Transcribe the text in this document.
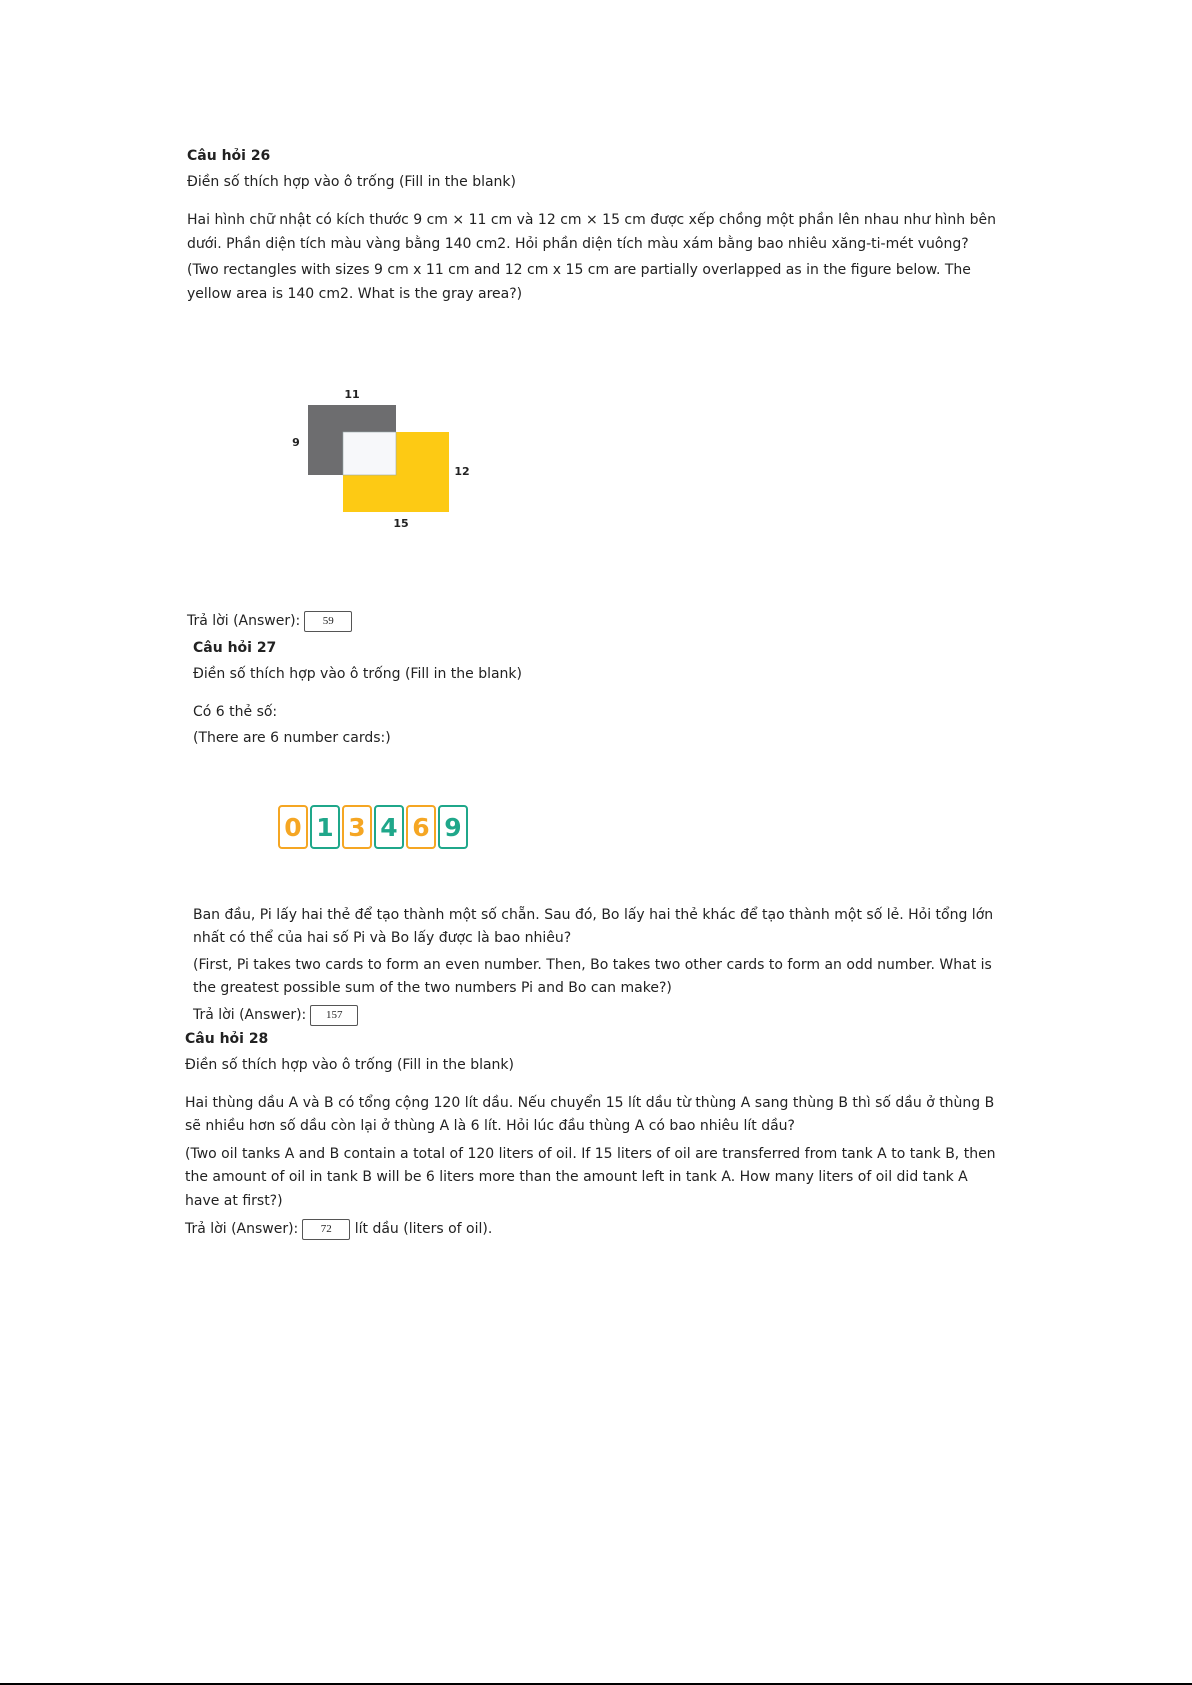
Câu hỏi 26
Điền số thích hợp vào ô trống (Fill in the blank)
Hai hình chữ nhật có kích thước 9 cm × 11 cm và 12 cm × 15 cm được xếp chồng một phần lên nhau như hình bên
dưới. Phần diện tích màu vàng bằng 140 cm2. Hỏi phần diện tích màu xám bằng bao nhiêu xăng-ti-mét vuông?
(Two rectangles with sizes 9 cm x 11 cm and 12 cm x 15 cm are partially overlapped as in the figure below. The
yellow area is 140 cm2. What is the gray area?)
11
9
12
15
Trả lời (Answer): 59
Câu hỏi 27
Điền số thích hợp vào ô trống (Fill in the blank)
Có 6 thẻ số:
(There are 6 number cards:)
0 1 3 4 6 9
Ban đầu, Pi lấy hai thẻ để tạo thành một số chẵn. Sau đó, Bo lấy hai thẻ khác để tạo thành một số lẻ. Hỏi tổng lớn
nhất có thể của hai số Pi và Bo lấy được là bao nhiêu?
(First, Pi takes two cards to form an even number. Then, Bo takes two other cards to form an odd number. What is
the greatest possible sum of the two numbers Pi and Bo can make?)
Trả lời (Answer): 157
Câu hỏi 28
Điền số thích hợp vào ô trống (Fill in the blank)
Hai thùng dầu A và B có tổng cộng 120 lít dầu. Nếu chuyển 15 lít dầu từ thùng A sang thùng B thì số dầu ở thùng B
sẽ nhiều hơn số dầu còn lại ở thùng A là 6 lít. Hỏi lúc đầu thùng A có bao nhiêu lít dầu?
(Two oil tanks A and B contain a total of 120 liters of oil. If 15 liters of oil are transferred from tank A to tank B, then
the amount of oil in tank B will be 6 liters more than the amount left in tank A. How many liters of oil did tank A
have at first?)
Trả lời (Answer): 72 lít dầu (liters of oil).
